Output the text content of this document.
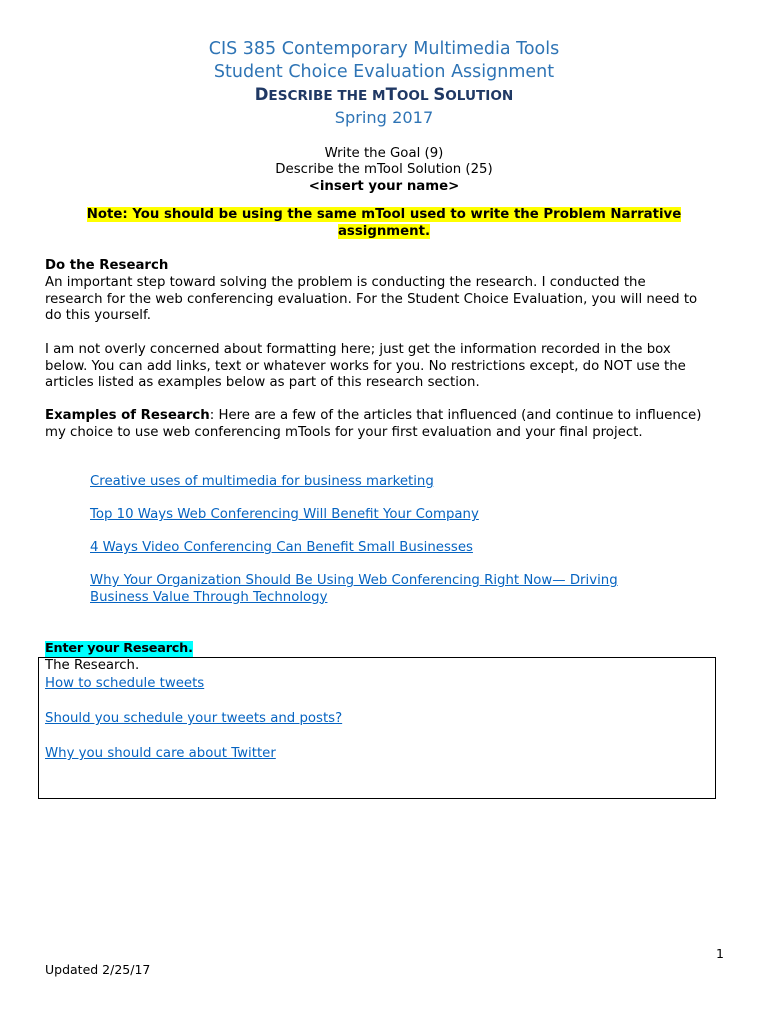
CIS 385 Contemporary Multimedia Tools
Student Choice Evaluation Assignment
DESCRIBE THE MTOOL SOLUTION
Spring 2017
Write the Goal (9)
Describe the mTool Solution (25)
<insert your name>
Note: You should be using the same mTool used to write the Problem Narrative assignment.
Do the Research
An important step toward solving the problem is conducting the research. I conducted the research for the web conferencing evaluation. For the Student Choice Evaluation, you will need to do this yourself.
I am not overly concerned about formatting here; just get the information recorded in the box below. You can add links, text or whatever works for you. No restrictions except, do NOT use the articles listed as examples below as part of this research section.
Examples of Research: Here are a few of the articles that influenced (and continue to influence) my choice to use web conferencing mTools for your first evaluation and your final project.
Creative uses of multimedia for business marketing
Top 10 Ways Web Conferencing Will Benefit Your Company
4 Ways Video Conferencing Can Benefit Small Businesses
Why Your Organization Should Be Using Web Conferencing Right Now— Driving Business Value Through Technology
Enter your Research.
The Research.
How to schedule tweets
Should you schedule your tweets and posts?
Why you should care about Twitter
1
Updated 2/25/17
